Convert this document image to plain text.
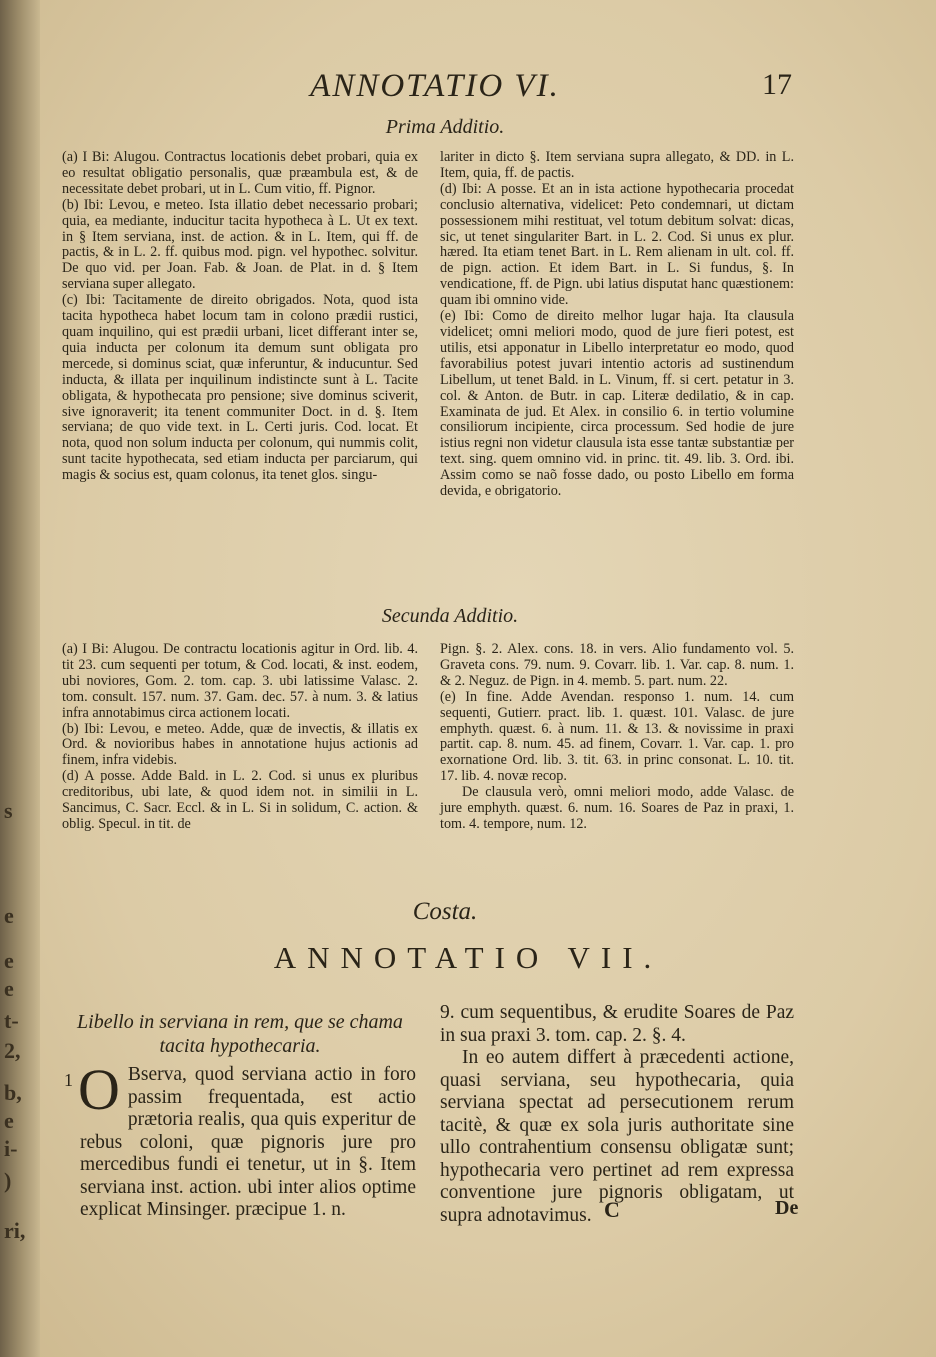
s
e
e
e
t-
2,
b,
e
i-
)
ri,
ANNOTATIO VI.	17
Prima Additio.

(a) I Bi: Alugou. Contractus locationis debet probari, quia ex eo resultat obligatio personalis, quæ præambula est, & de necessitate debet probari, ut in L. Cum vitio, ff. Pignor.

(b) Ibi: Levou, e meteo. Ista illatio debet necessario probari; quia, ea mediante, inducitur tacita hypotheca à L. Ut ex text. in § Item serviana, inst. de action. & in L. Item, qui ff. de pactis, & in L. 2. ff. quibus mod. pign. vel hypothec. solvitur. De quo vid. per Joan. Fab. & Joan. de Plat. in d. § Item serviana super allegato.

(c) Ibi: Tacitamente de direito obrigados. Nota, quod ista tacita hypotheca habet locum tam in colono prædii rustici, quam inquilino, qui est prædii urbani, licet differant inter se, quia inducta per colonum ita demum sunt obligata pro mercede, si dominus sciat, quæ inferuntur, & inducuntur. Sed inducta, & illata per inquilinum indistincte sunt à L. Tacite obligata, & hypothecata pro pensione; sive dominus sciverit, sive ignoraverit; ita tenent communiter Doct. in d. §. Item serviana; de quo vide text. in L. Certi juris. Cod. locat. Et nota, quod non solum inducta per colonum, qui nummis colit, sunt tacite hypothecata, sed etiam inducta per parciarum, qui magis & socius est, quam colonus, ita tenet glos. singu-

lariter in dicto §. Item serviana supra allegato, & DD. in L. Item, quia, ff. de pactis.

(d) Ibi: A posse. Et an in ista actione hypothecaria procedat conclusio alternativa, videlicet: Peto condemnari, ut dictam possessionem mihi restituat, vel totum debitum solvat: dicas, sic, ut tenet singulariter Bart. in L. 2. Cod. Si unus ex plur. hæred. Ita etiam tenet Bart. in L. Rem alienam in ult. col. ff. de pign. action. Et idem Bart. in L. Si fundus, §. In vendicatione, ff. de Pign. ubi latius disputat hanc quæstionem: quam ibi omnino vide.

(e) Ibi: Como de direito melhor lugar haja. Ita clausula videlicet; omni meliori modo, quod de jure fieri potest, est utilis, etsi apponatur in Libello interpretatur eo modo, quod favorabilius potest juvari intentio actoris ad sustinendum Libellum, ut tenet Bald. in L. Vinum, ff. si cert. petatur in 3. col. & Anton. de Butr. in cap. Literæ dedilatio, & in cap. Examinata de jud. Et Alex. in consilio 6. in tertio volumine consiliorum incipiente, circa processum. Sed hodie de jure istius regni non videtur clausula ista esse tantæ substantiæ per text. sing. quem omnino vid. in princ. tit. 49. lib. 3. Ord. ibi. Assim como se naõ fosse dado, ou posto Libello em forma devida, e obrigatorio.

Secunda Additio.

(a) I Bi: Alugou. De contractu locationis agitur in Ord. lib. 4. tit 23. cum sequenti per totum, & Cod. locati, & inst. eodem, ubi noviores, Gom. 2. tom. cap. 3. ubi latissime Valasc. 2. tom. consult. 157. num. 37. Gam. dec. 57. à num. 3. & latius infra annotabimus circa actionem locati.

(b) Ibi: Levou, e meteo. Adde, quæ de invectis, & illatis ex Ord. & novioribus habes in annotatione hujus actionis ad finem, infra videbis.

(d) A posse. Adde Bald. in L. 2. Cod. si unus ex pluribus creditoribus, ubi late, & quod idem not. in similii in L. Sancimus, C. Sacr. Eccl. & in L. Si in solidum, C. action. & oblig. Specul. in tit. de

Pign. §. 2. Alex. cons. 18. in vers. Alio fundamento vol. 5. Graveta cons. 79. num. 9. Covarr. lib. 1. Var. cap. 8. num. 1. & 2. Neguz. de Pign. in 4. memb. 5. part. num. 22.

(e) In fine. Adde Avendan. responso 1. num. 14. cum sequenti, Gutierr. pract. lib. 1. quæst. 101. Valasc. de jure emphyth. quæst. 6. à num. 11. & 13. & novissime in praxi partit. cap. 8. num. 45. ad finem, Covarr. 1. Var. cap. 1. pro exornatione Ord. lib. 3. tit. 63. in princ consonat. L. 10. tit. 17. lib. 4. novæ recop.

De clausula verò, omni meliori modo, adde Valasc. de jure emphyth. quæst. 6. num. 16. Soares de Paz in praxi, 1. tom. 4. tempore, num. 12.

Costa.
ANNOTATIO VII.
Libello in serviana in rem, que se chama tacita hypothecaria.
1 O Bserva, quod serviana actio in foro passim frequentada, est actio prætoria realis, qua quis experitur de rebus coloni, quæ pignoris jure pro mercedibus fundi ei tenetur, ut in §. Item serviana inst. action. ubi inter alios optime explicat Minsinger. præcipue 1. n.

9. cum sequentibus, & erudite Soares de Paz in sua praxi 3. tom. cap. 2. §. 4.

In eo autem differt à præcedenti actione, quasi serviana, seu hypothecaria, quia serviana spectat ad persecutionem rerum tacitè, & quæ ex sola juris authoritate sine ullo contrahentium consensu obligatæ sunt; hypothecaria vero pertinet ad rem expressa conventione jure pignoris obligatam, ut supra adnotavimus. C	De
